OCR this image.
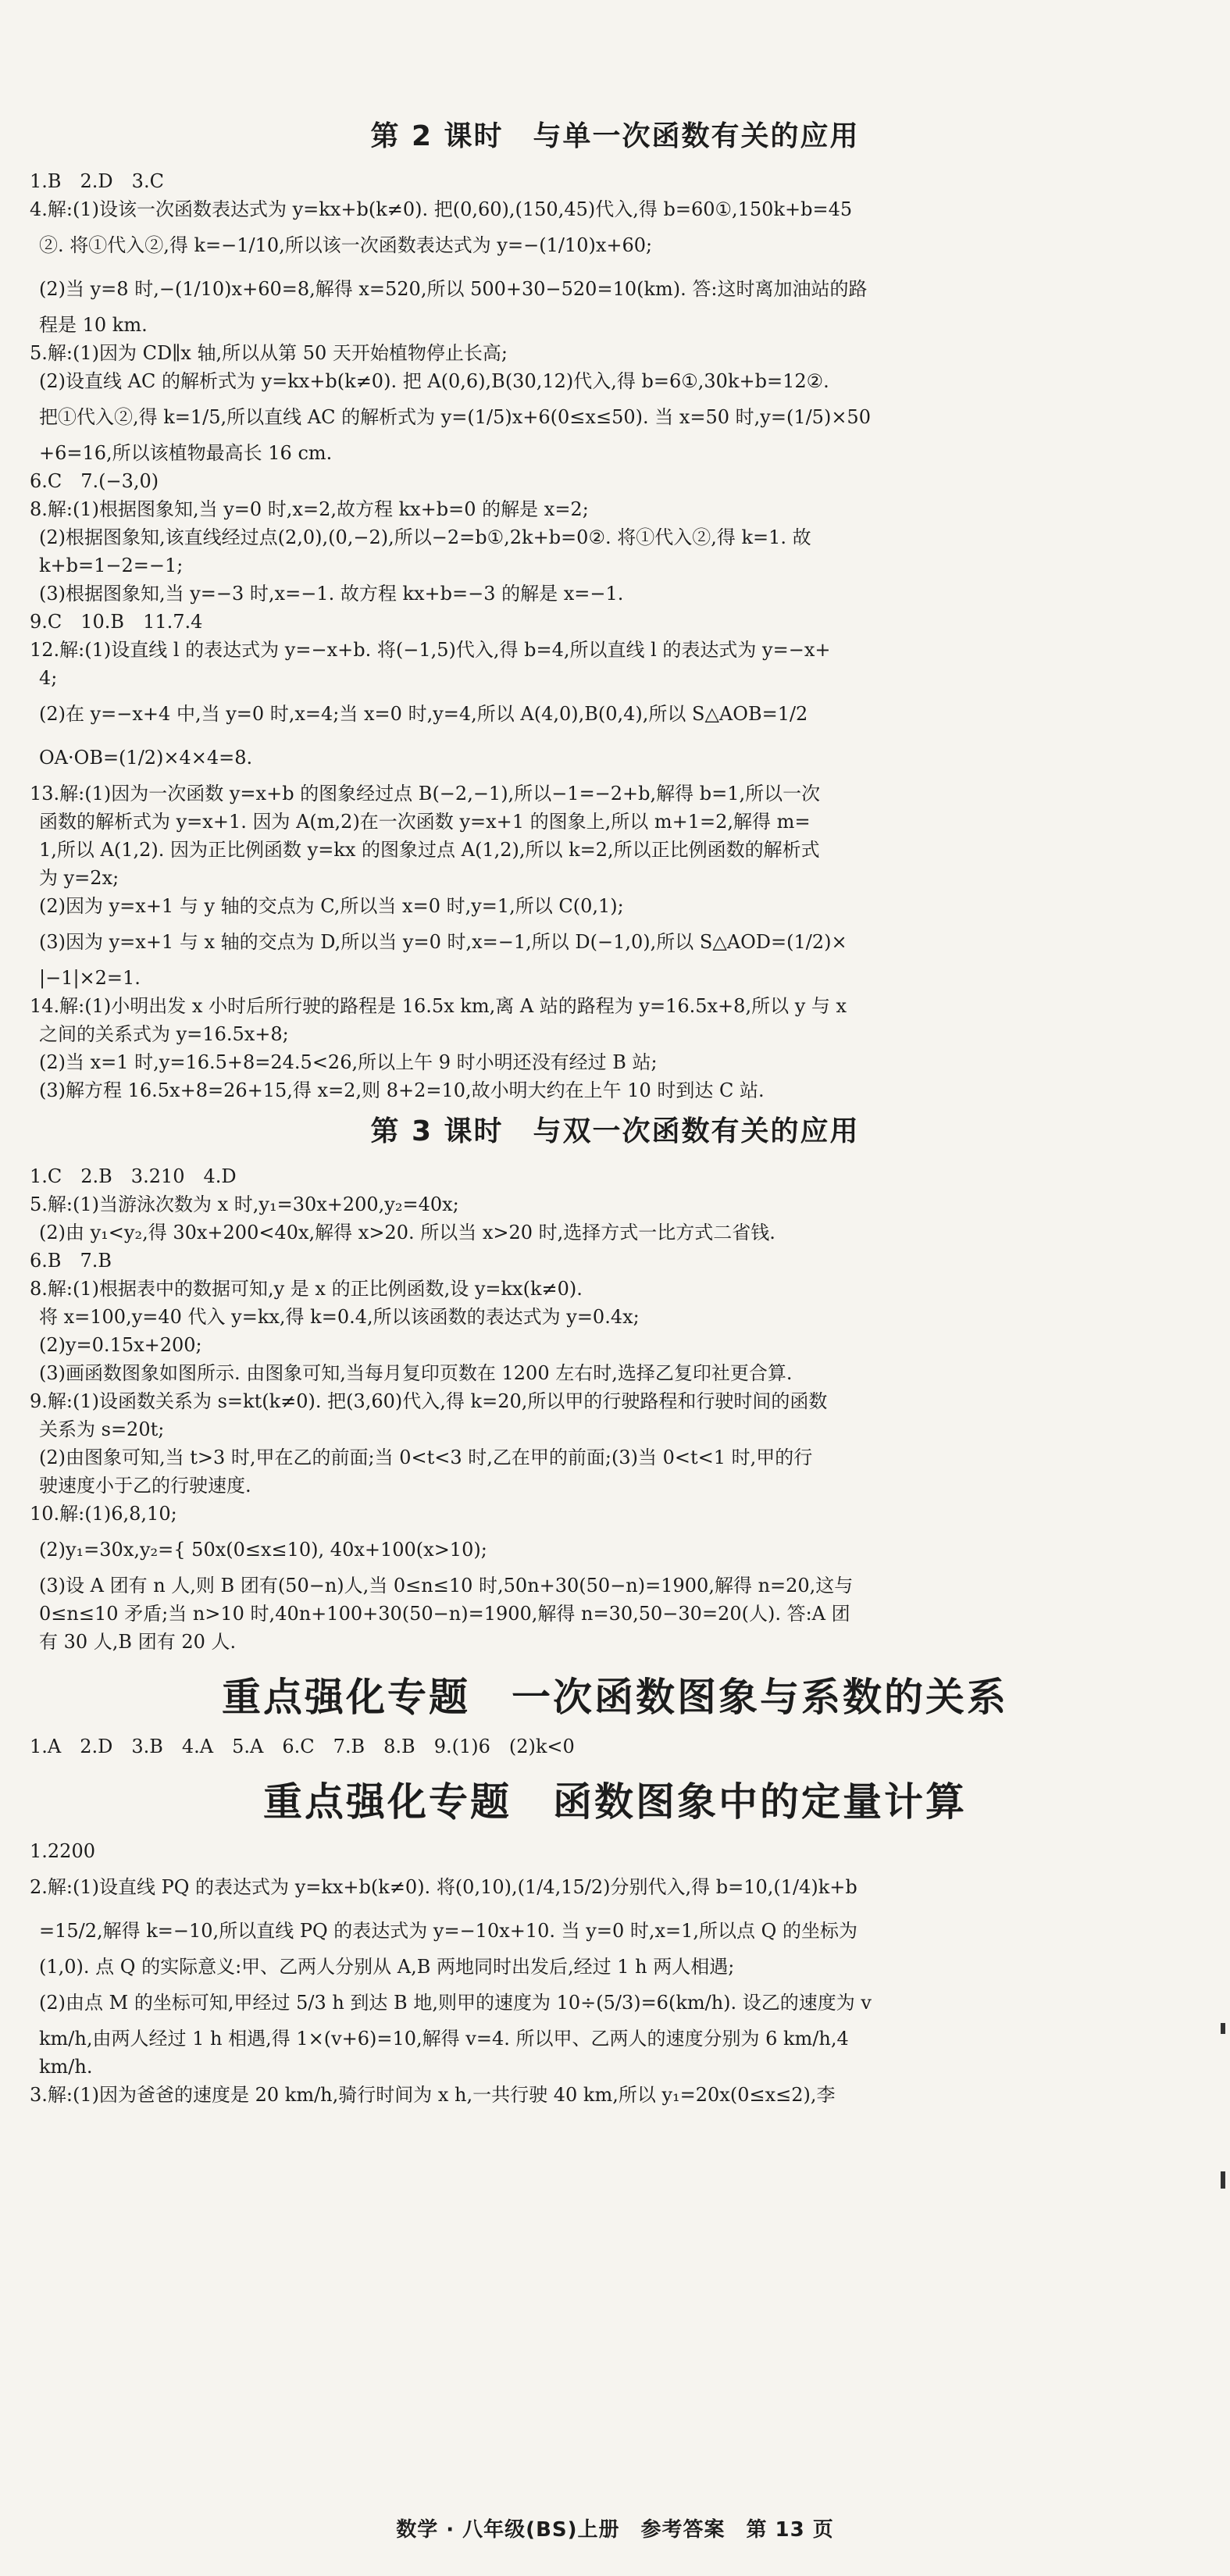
第 2 课时　与单一次函数有关的应用

1.B　2.D　3.C

4.解:(1)设该一次函数表达式为 y=kx+b(k≠0). 把(0,60),(150,45)代入,得 b=60①,150k+b=45

②. 将①代入②,得 k=−1/10,所以该一次函数表达式为 y=−(1/10)x+60;

(2)当 y=8 时,−(1/10)x+60=8,解得 x=520,所以 500+30−520=10(km). 答:这时离加油站的路

程是 10 km.

5.解:(1)因为 CD∥x 轴,所以从第 50 天开始植物停止长高;

(2)设直线 AC 的解析式为 y=kx+b(k≠0). 把 A(0,6),B(30,12)代入,得 b=6①,30k+b=12②.

把①代入②,得 k=1/5,所以直线 AC 的解析式为 y=(1/5)x+6(0≤x≤50). 当 x=50 时,y=(1/5)×50

+6=16,所以该植物最高长 16 cm.

6.C　7.(−3,0)

8.解:(1)根据图象知,当 y=0 时,x=2,故方程 kx+b=0 的解是 x=2;

(2)根据图象知,该直线经过点(2,0),(0,−2),所以−2=b①,2k+b=0②. 将①代入②,得 k=1. 故

k+b=1−2=−1;

(3)根据图象知,当 y=−3 时,x=−1. 故方程 kx+b=−3 的解是 x=−1.

9.C　10.B　11.7.4

12.解:(1)设直线 l 的表达式为 y=−x+b. 将(−1,5)代入,得 b=4,所以直线 l 的表达式为 y=−x+

4;

(2)在 y=−x+4 中,当 y=0 时,x=4;当 x=0 时,y=4,所以 A(4,0),B(0,4),所以 S△AOB=1/2

OA·OB=(1/2)×4×4=8.

13.解:(1)因为一次函数 y=x+b 的图象经过点 B(−2,−1),所以−1=−2+b,解得 b=1,所以一次

函数的解析式为 y=x+1. 因为 A(m,2)在一次函数 y=x+1 的图象上,所以 m+1=2,解得 m=

1,所以 A(1,2). 因为正比例函数 y=kx 的图象过点 A(1,2),所以 k=2,所以正比例函数的解析式

为 y=2x;

(2)因为 y=x+1 与 y 轴的交点为 C,所以当 x=0 时,y=1,所以 C(0,1);

(3)因为 y=x+1 与 x 轴的交点为 D,所以当 y=0 时,x=−1,所以 D(−1,0),所以 S△AOD=(1/2)×

|−1|×2=1.

14.解:(1)小明出发 x 小时后所行驶的路程是 16.5x km,离 A 站的路程为 y=16.5x+8,所以 y 与 x

之间的关系式为 y=16.5x+8;

(2)当 x=1 时,y=16.5+8=24.5<26,所以上午 9 时小明还没有经过 B 站;

(3)解方程 16.5x+8=26+15,得 x=2,则 8+2=10,故小明大约在上午 10 时到达 C 站.

第 3 课时　与双一次函数有关的应用

1.C　2.B　3.210　4.D

5.解:(1)当游泳次数为 x 时,y₁=30x+200,y₂=40x;

(2)由 y₁<y₂,得 30x+200<40x,解得 x>20. 所以当 x>20 时,选择方式一比方式二省钱.

6.B　7.B

8.解:(1)根据表中的数据可知,y 是 x 的正比例函数,设 y=kx(k≠0).

将 x=100,y=40 代入 y=kx,得 k=0.4,所以该函数的表达式为 y=0.4x;

(2)y=0.15x+200;

(3)画函数图象如图所示. 由图象可知,当每月复印页数在 1200 左右时,选择乙复印社更合算.

9.解:(1)设函数关系为 s=kt(k≠0). 把(3,60)代入,得 k=20,所以甲的行驶路程和行驶时间的函数

关系为 s=20t;

(2)由图象可知,当 t>3 时,甲在乙的前面;当 0<t<3 时,乙在甲的前面;(3)当 0<t<1 时,甲的行

驶速度小于乙的行驶速度.

10.解:(1)6,8,10;

(2)y₁=30x,y₂={ 50x(0≤x≤10), 40x+100(x>10);

(3)设 A 团有 n 人,则 B 团有(50−n)人,当 0≤n≤10 时,50n+30(50−n)=1900,解得 n=20,这与

0≤n≤10 矛盾;当 n>10 时,40n+100+30(50−n)=1900,解得 n=30,50−30=20(人). 答:A 团

有 30 人,B 团有 20 人.

重点强化专题　一次函数图象与系数的关系

1.A　2.D　3.B　4.A　5.A　6.C　7.B　8.B　9.(1)6　(2)k<0

重点强化专题　函数图象中的定量计算

1.2200

2.解:(1)设直线 PQ 的表达式为 y=kx+b(k≠0). 将(0,10),(1/4,15/2)分别代入,得 b=10,(1/4)k+b

=15/2,解得 k=−10,所以直线 PQ 的表达式为 y=−10x+10. 当 y=0 时,x=1,所以点 Q 的坐标为

(1,0). 点 Q 的实际意义:甲、乙两人分别从 A,B 两地同时出发后,经过 1 h 两人相遇;

(2)由点 M 的坐标可知,甲经过 5/3 h 到达 B 地,则甲的速度为 10÷(5/3)=6(km/h). 设乙的速度为 v

km/h,由两人经过 1 h 相遇,得 1×(v+6)=10,解得 v=4. 所以甲、乙两人的速度分别为 6 km/h,4

km/h.

3.解:(1)因为爸爸的速度是 20 km/h,骑行时间为 x h,一共行驶 40 km,所以 y₁=20x(0≤x≤2),李

数学 · 八年级(BS)上册　参考答案　第 13 页
